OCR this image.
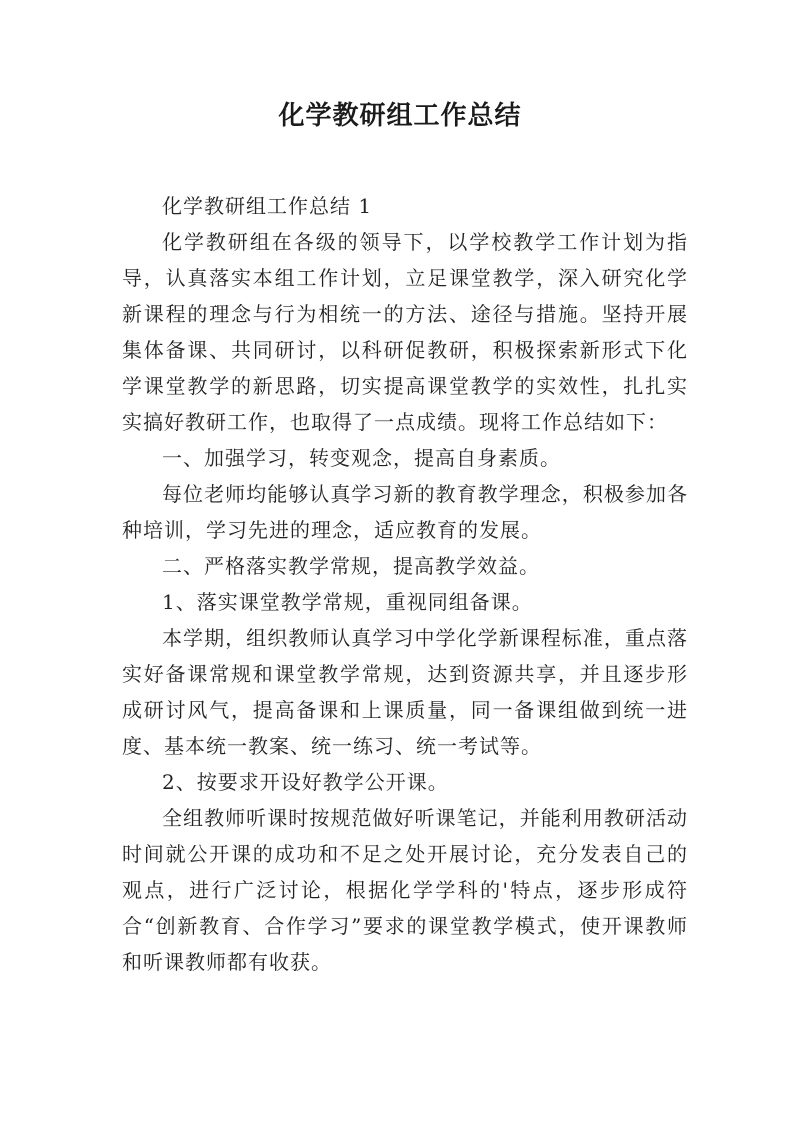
化学教研组工作总结

化学教研组工作总结 1

化学教研组在各级的领导下，以学校教学工作计划为指导，认真落实本组工作计划，立足课堂教学，深入研究化学新课程的理念与行为相统一的方法、途径与措施。坚持开展集体备课、共同研讨，以科研促教研，积极探索新形式下化学课堂教学的新思路，切实提高课堂教学的实效性，扎扎实实搞好教研工作，也取得了一点成绩。现将工作总结如下：

一、加强学习，转变观念，提高自身素质。

每位老师均能够认真学习新的教育教学理念，积极参加各种培训，学习先进的理念，适应教育的发展。

二、严格落实教学常规，提高教学效益。

1、落实课堂教学常规，重视同组备课。

本学期，组织教师认真学习中学化学新课程标准，重点落实好备课常规和课堂教学常规，达到资源共享，并且逐步形成研讨风气，提高备课和上课质量，同一备课组做到统一进度、基本统一教案、统一练习、统一考试等。

2、按要求开设好教学公开课。

全组教师听课时按规范做好听课笔记，并能利用教研活动时间就公开课的成功和不足之处开展讨论，充分发表自己的观点，进行广泛讨论，根据化学学科的'特点，逐步形成符合“创新教育、合作学习”要求的课堂教学模式，使开课教师和听课教师都有收获。
